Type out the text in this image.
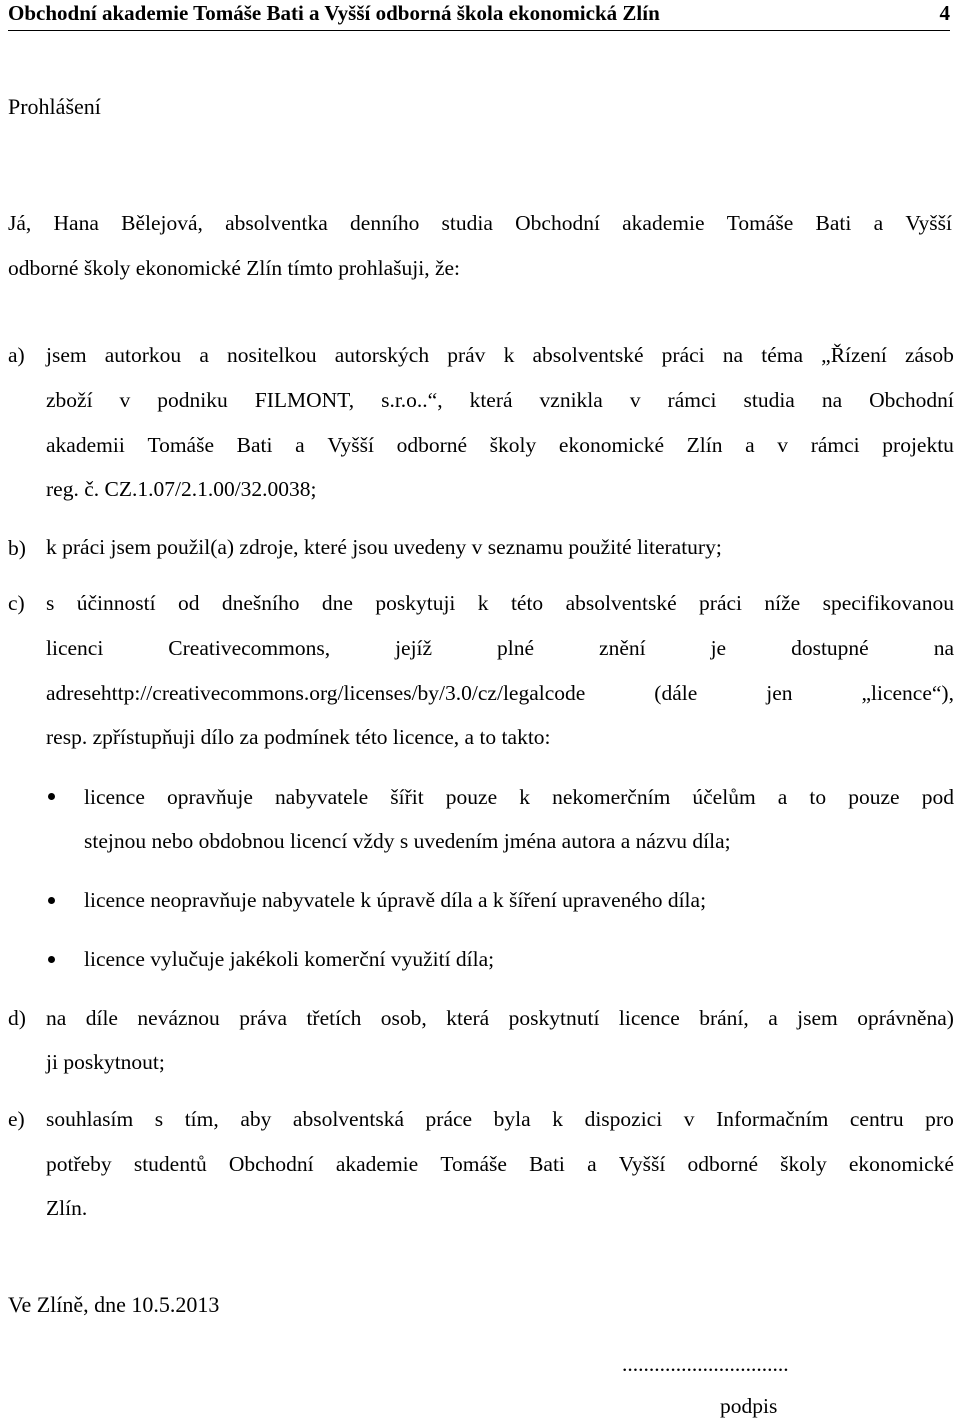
Obchodní akademie Tomáše Bati a Vyšší odborná škola ekonomická Zlín	4
Prohlášení
Já, Hana Bělejová, absolventka denního studia Obchodní akademie Tomáše Bati a Vyšší
odborné školy ekonomické Zlín tímto prohlašuji, že:
a) jsem autorkou a nositelkou autorských práv k absolventské práci na téma „Řízení zásob
zboží v podniku FILMONT, s.r.o..“, která vznikla v rámci studia na Obchodní
akademii Tomáše Bati a Vyšší odborné školy ekonomické Zlín a v rámci projektu
reg. č. CZ.1.07/2.1.00/32.0038;
b) k práci jsem použil(a) zdroje, které jsou uvedeny v seznamu použité literatury;
c) s účinností od dnešního dne poskytuji k této absolventské práci níže specifikovanou
licenci	Creativecommons,	jejíž	plné	znění	je	dostupné	na
adresehttp://creativecommons.org/licenses/by/3.0/cz/legalcode	(dále	jen	„licence“),
resp. zpřístupňuji dílo za podmínek této licence, a to takto:
licence opravňuje nabyvatele šířit pouze k nekomerčním účelům a to pouze pod
stejnou nebo obdobnou licencí vždy s uvedením jména autora a názvu díla;
licence neopravňuje nabyvatele k úpravě díla a k šíření upraveného díla;
licence vylučuje jakékoli komerční využití díla;
d) na díle neváznou práva třetích osob, která poskytnutí licence brání, a jsem oprávněna)
ji poskytnout;
e) souhlasím s tím, aby absolventská práce byla k dispozici v Informačním centru pro
potřeby studentů Obchodní akademie Tomáše Bati a Vyšší odborné školy ekonomické
Zlín.
Ve Zlíně, dne 10.5.2013
...............................
podpis
